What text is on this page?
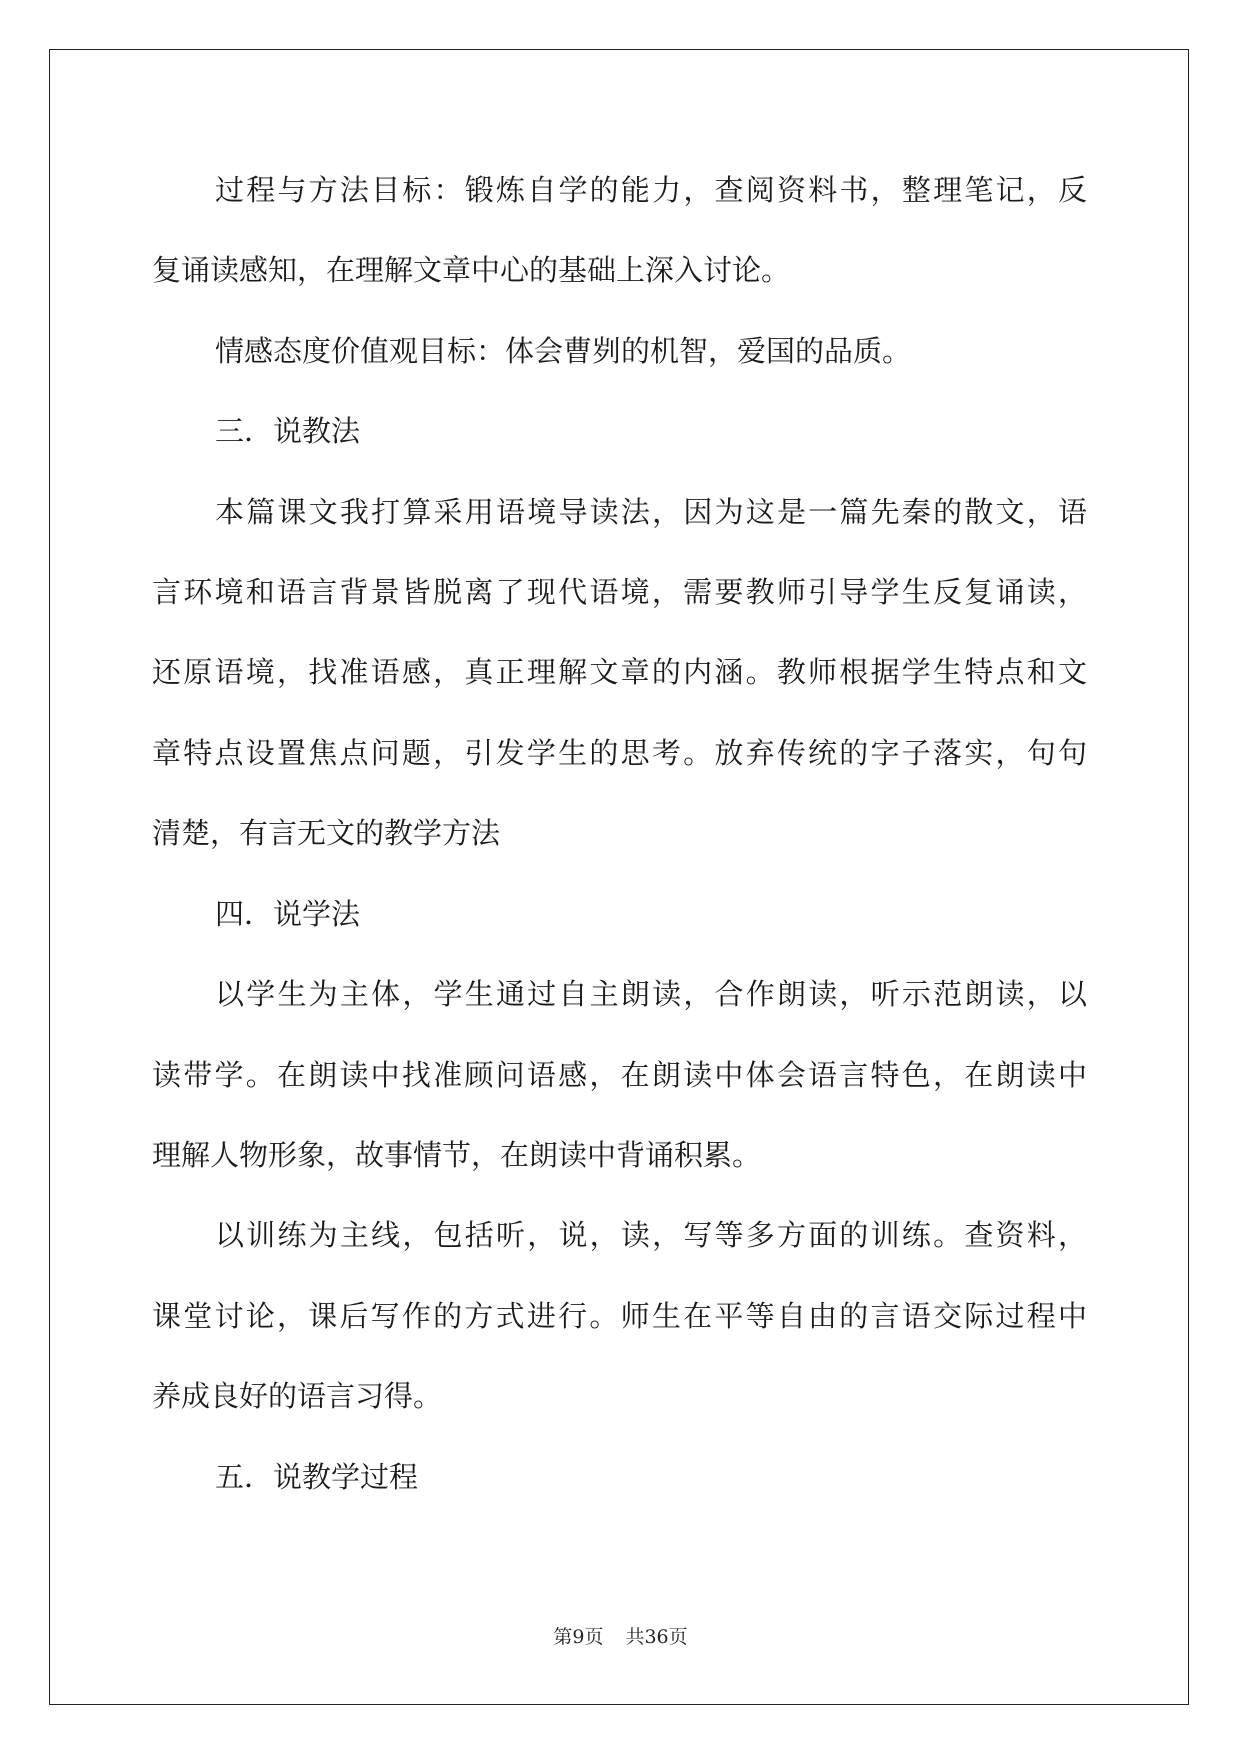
过程与方法目标：锻炼自学的能力，查阅资料书，整理笔记，反
复诵读感知，在理解文章中心的基础上深入讨论。
情感态度价值观目标：体会曹刿的机智，爱国的品质。
三．说教法
本篇课文我打算采用语境导读法，因为这是一篇先秦的散文，语
言环境和语言背景皆脱离了现代语境，需要教师引导学生反复诵读，
还原语境，找准语感，真正理解文章的内涵。教师根据学生特点和文
章特点设置焦点问题，引发学生的思考。放弃传统的字子落实，句句
清楚，有言无文的教学方法
四．说学法
以学生为主体，学生通过自主朗读，合作朗读，听示范朗读，以
读带学。在朗读中找准顾问语感，在朗读中体会语言特色，在朗读中
理解人物形象，故事情节，在朗读中背诵积累。
以训练为主线，包括听，说，读，写等多方面的训练。查资料，
课堂讨论，课后写作的方式进行。师生在平等自由的言语交际过程中
养成良好的语言习得。
五．说教学过程
第9页 共36页
